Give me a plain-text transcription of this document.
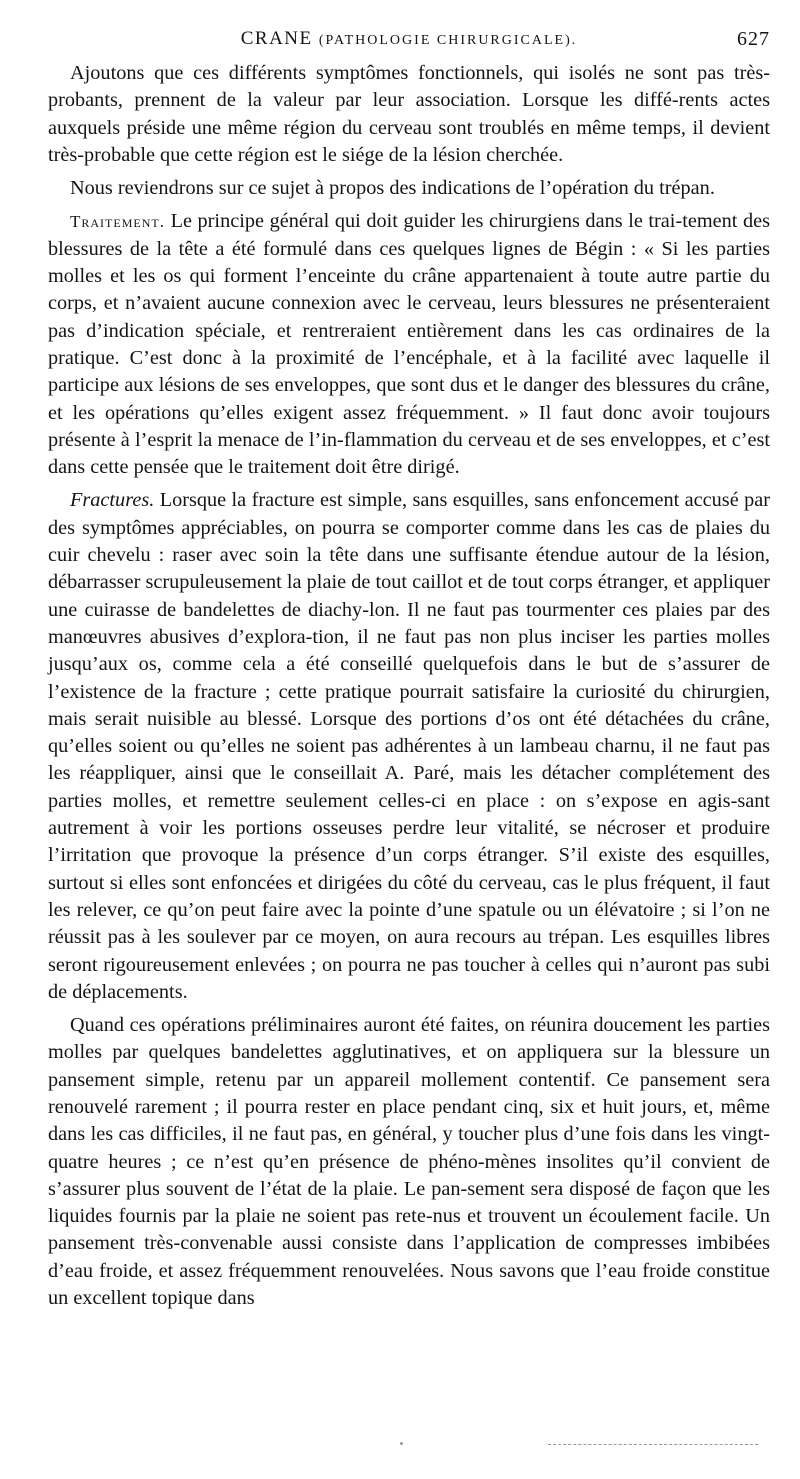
CRANE (PATHOLOGIE CHIRURGICALE).	627

Ajoutons que ces différents symptômes fonctionnels, qui isolés ne sont pas très-probants, prennent de la valeur par leur association. Lorsque les diffé-rents actes auxquels préside une même région du cerveau sont troublés en même temps, il devient très-probable que cette région est le siége de la lésion cherchée.

Nous reviendrons sur ce sujet à propos des indications de l’opération du trépan.

Traitement. Le principe général qui doit guider les chirurgiens dans le trai-tement des blessures de la tête a été formulé dans ces quelques lignes de Bégin : « Si les parties molles et les os qui forment l’enceinte du crâne appartenaient à toute autre partie du corps, et n’avaient aucune connexion avec le cerveau, leurs blessures ne présenteraient pas d’indication spéciale, et rentreraient entièrement dans les cas ordinaires de la pratique. C’est donc à la proximité de l’encéphale, et à la facilité avec laquelle il participe aux lésions de ses enveloppes, que sont dus et le danger des blessures du crâne, et les opérations qu’elles exigent assez fréquemment. » Il faut donc avoir toujours présente à l’esprit la menace de l’in-flammation du cerveau et de ses enveloppes, et c’est dans cette pensée que le traitement doit être dirigé.

Fractures. Lorsque la fracture est simple, sans esquilles, sans enfoncement accusé par des symptômes appréciables, on pourra se comporter comme dans les cas de plaies du cuir chevelu : raser avec soin la tête dans une suffisante étendue autour de la lésion, débarrasser scrupuleusement la plaie de tout caillot et de tout corps étranger, et appliquer une cuirasse de bandelettes de diachy-lon. Il ne faut pas tourmenter ces plaies par des manœuvres abusives d’explora-tion, il ne faut pas non plus inciser les parties molles jusqu’aux os, comme cela a été conseillé quelquefois dans le but de s’assurer de l’existence de la fracture ; cette pratique pourrait satisfaire la curiosité du chirurgien, mais serait nuisible au blessé. Lorsque des portions d’os ont été détachées du crâne, qu’elles soient ou qu’elles ne soient pas adhérentes à un lambeau charnu, il ne faut pas les réappliquer, ainsi que le conseillait A. Paré, mais les détacher complétement des parties molles, et remettre seulement celles-ci en place : on s’expose en agis-sant autrement à voir les portions osseuses perdre leur vitalité, se nécroser et produire l’irritation que provoque la présence d’un corps étranger. S’il existe des esquilles, surtout si elles sont enfoncées et dirigées du côté du cerveau, cas le plus fréquent, il faut les relever, ce qu’on peut faire avec la pointe d’une spatule ou un élévatoire ; si l’on ne réussit pas à les soulever par ce moyen, on aura recours au trépan. Les esquilles libres seront rigoureusement enlevées ; on pourra ne pas toucher à celles qui n’auront pas subi de déplacements.

Quand ces opérations préliminaires auront été faites, on réunira doucement les parties molles par quelques bandelettes agglutinatives, et on appliquera sur la blessure un pansement simple, retenu par un appareil mollement contentif. Ce pansement sera renouvelé rarement ; il pourra rester en place pendant cinq, six et huit jours, et, même dans les cas difficiles, il ne faut pas, en général, y toucher plus d’une fois dans les vingt-quatre heures ; ce n’est qu’en présence de phéno-mènes insolites qu’il convient de s’assurer plus souvent de l’état de la plaie. Le pan-sement sera disposé de façon que les liquides fournis par la plaie ne soient pas rete-nus et trouvent un écoulement facile. Un pansement très-convenable aussi consiste dans l’application de compresses imbibées d’eau froide, et assez fréquemment renouvelées. Nous savons que l’eau froide constitue un excellent topique dans
